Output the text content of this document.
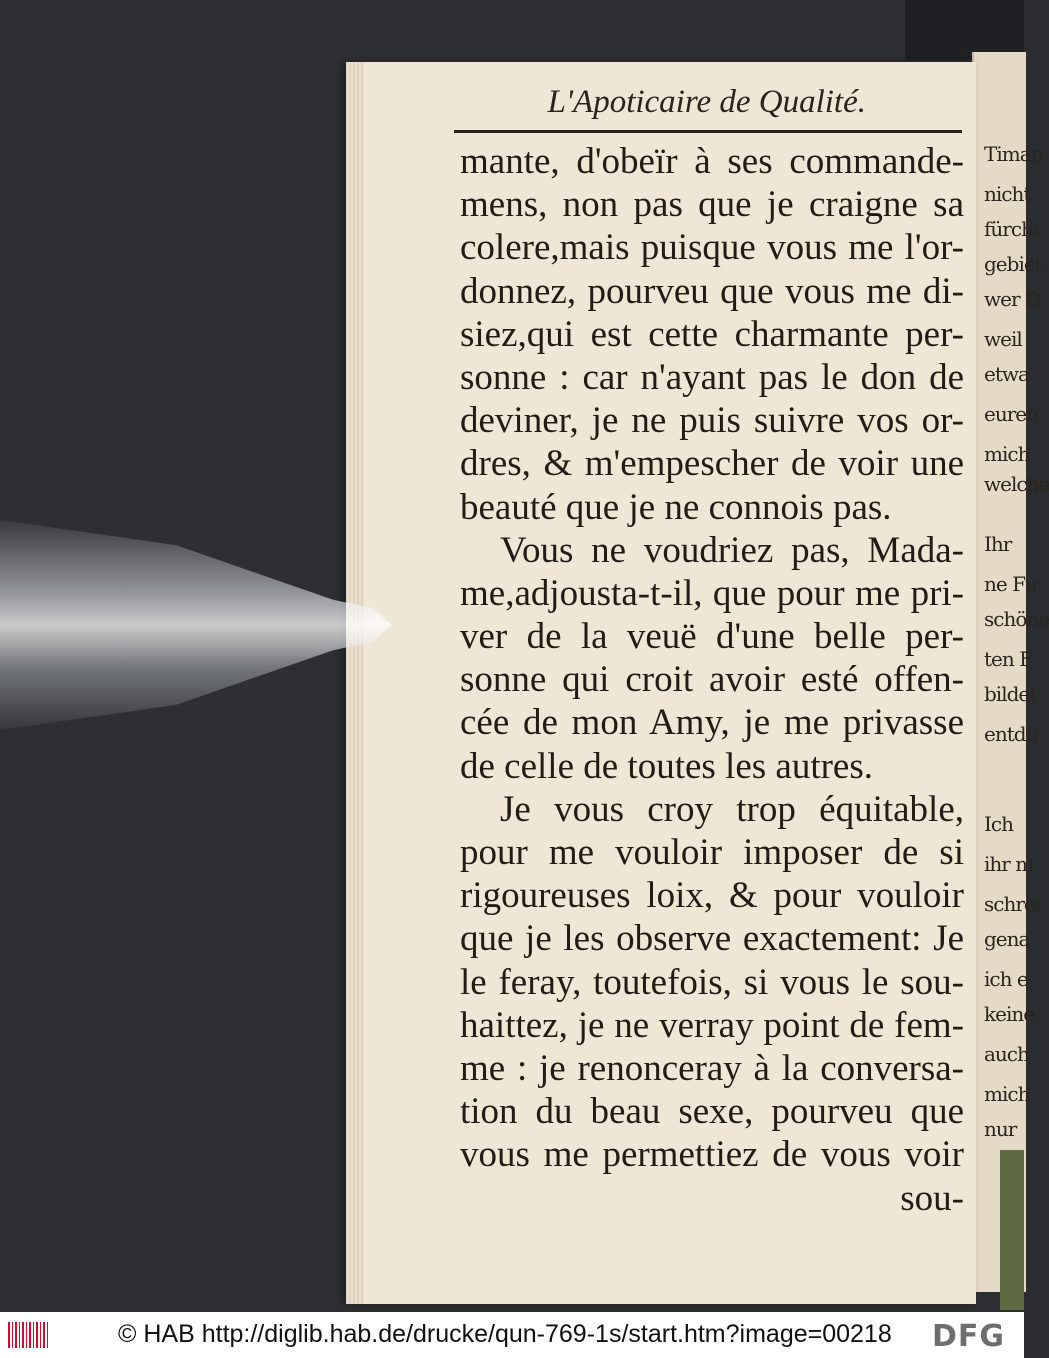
Timan
nicht
fürcht
gebiet
wer D
weil
etwa
euren
mich
welche
Ihr
ne Fu
schöne
ten F
bildet
entdu
Ich
ihr m
schrei
gena
ich e
keine
auch
mich
nur
L'Apoticaire de Qualité.
mante, d'obeïr à ses commande-
mens, non pas que je craigne sa
colere,mais puisque vous me l'or-
donnez, pourveu que vous me di-
siez,qui est cette charmante per-
sonne : car n'ayant pas le don de
deviner, je ne puis suivre vos or-
dres, & m'empescher de voir une
beauté que je ne connois pas.
Vous ne voudriez pas, Mada-
me,adjousta-t-il, que pour me pri-
ver de la veuë d'une belle per-
sonne qui croit avoir esté offen-
cée de mon Amy, je me privasse
de celle de toutes les autres.
Je vous croy trop équitable,
pour me vouloir imposer de si
rigoureuses loix, & pour vouloir
que je les observe exactement: Je
le feray, toutefois, si vous le sou-
haittez, je ne verray point de fem-
me : je renonceray à la conversa-
tion du beau sexe, pourveu que
vous me permettiez de vous voir
sou-
© HAB http://diglib.hab.de/drucke/qun-769-1s/start.htm?image=00218 DFG
